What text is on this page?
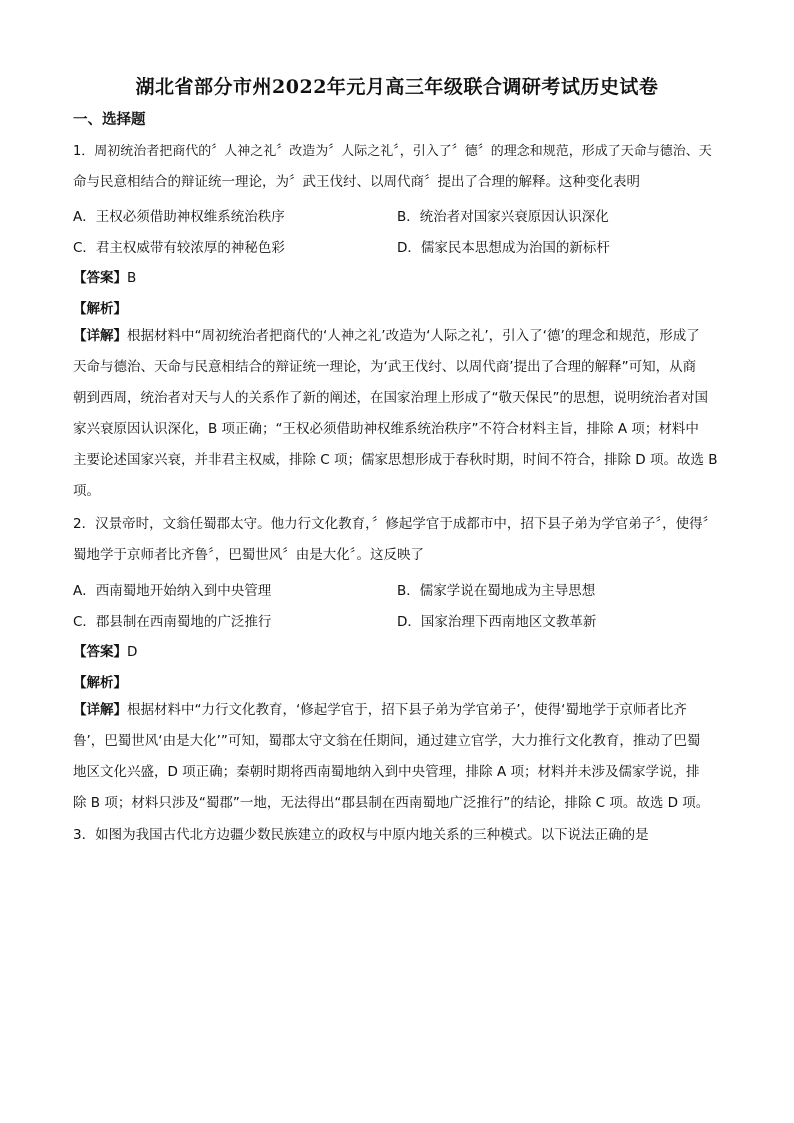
湖北省部分市州2022年元月高三年级联合调研考试历史试卷
一、选择题
1．周初统治者把商代的〞人神之礼〞改造为〞人际之礼〞，引入了〞德〞的理念和规范，形成了天命与德治、天
命与民意相结合的辩证统一理论，为〞武王伐纣、以周代商〞提出了合理的解释。这种变化表明
A．王权必须借助神权维系统治秩序	B．统治者对国家兴衰原因认识深化
C．君主权威带有较浓厚的神秘色彩	D．儒家民本思想成为治国的新标杆
【答案】B
【解析】
【详解】根据材料中“周初统治者把商代的‘人神之礼’改造为‘人际之礼’，引入了‘德’的理念和规范，形成了
天命与德治、天命与民意相结合的辩证统一理论，为‘武王伐纣、以周代商’提出了合理的解释”可知，从商
朝到西周，统治者对天与人的关系作了新的阐述，在国家治理上形成了“敬天保民”的思想，说明统治者对国
家兴衰原因认识深化，B 项正确；“王权必须借助神权维系统治秩序”不符合材料主旨，排除 A 项；材料中
主要论述国家兴衰，并非君主权威，排除 C 项；儒家思想形成于春秋时期，时间不符合，排除 D 项。故选 B
项。
2．汉景帝时，文翁任蜀郡太守。他力行文化教育，〞修起学官于成都市中，招下县子弟为学官弟子〞，使得〞
蜀地学于京师者比齐鲁〞，巴蜀世风〞由是大化〞。这反映了
A．西南蜀地开始纳入到中央管理	B．儒家学说在蜀地成为主导思想
C．郡县制在西南蜀地的广泛推行	D．国家治理下西南地区文教革新
【答案】D
【解析】
【详解】根据材料中“力行文化教育，‘修起学官于，招下县子弟为学官弟子’，使得‘蜀地学于京师者比齐
鲁’，巴蜀世风‘由是大化’”可知，蜀郡太守文翁在任期间，通过建立官学，大力推行文化教育，推动了巴蜀
地区文化兴盛，D 项正确；秦朝时期将西南蜀地纳入到中央管理，排除 A 项；材料并未涉及儒家学说，排
除 B 项；材料只涉及“蜀郡”一地，无法得出“郡县制在西南蜀地广泛推行”的结论，排除 C 项。故选 D 项。
3．如图为我国古代北方边疆少数民族建立的政权与中原内地关系的三种模式。以下说法正确的是
